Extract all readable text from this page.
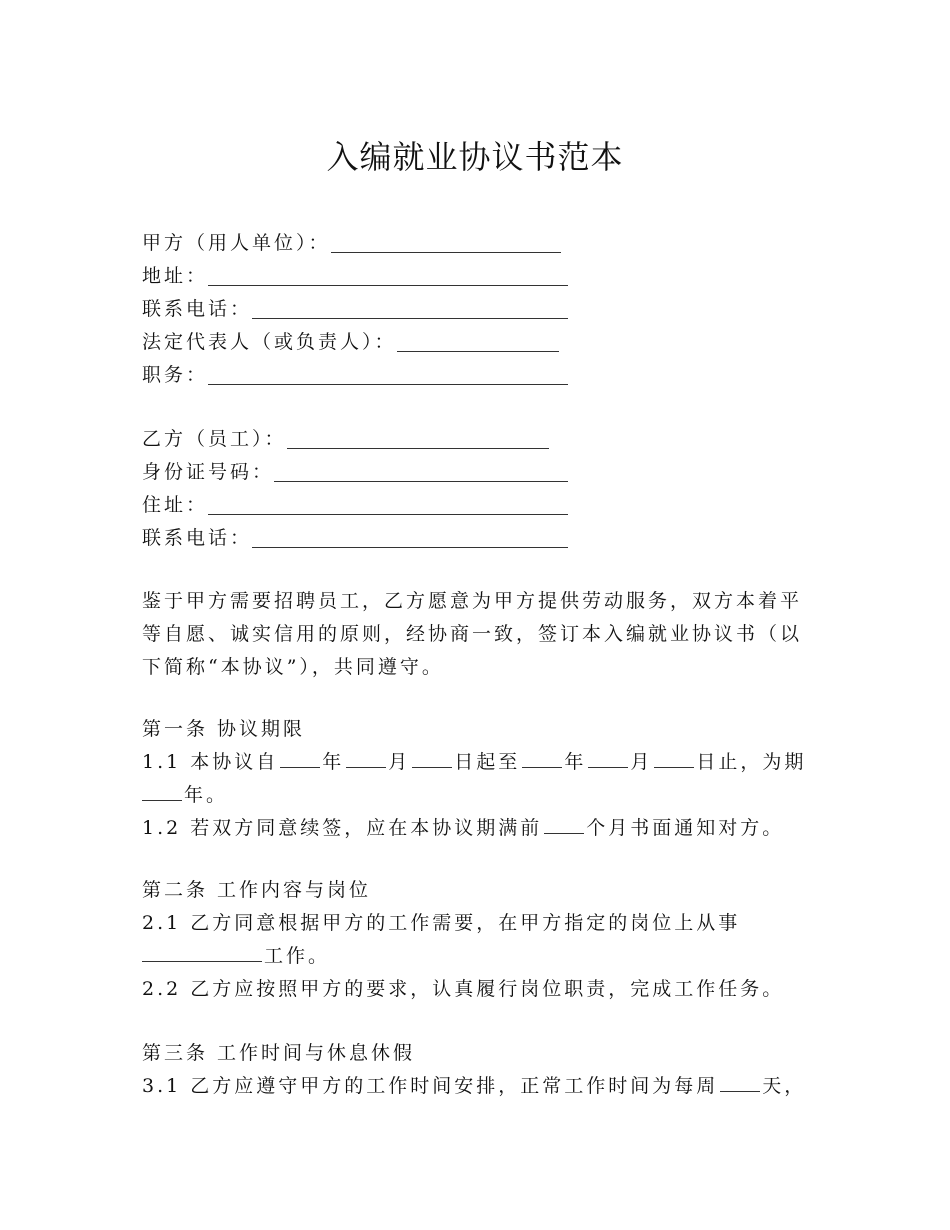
入编就业协议书范本
甲方（用人单位）：
地址：
联系电话：
法定代表人（或负责人）：
职务：
乙方（员工）：
身份证号码：
住址：
联系电话：
鉴于甲方需要招聘员工，乙方愿意为甲方提供劳动服务，双方本着平等自愿、诚实信用的原则，经协商一致，签订本入编就业协议书（以下简称“本协议”），共同遵守。
第一条 协议期限
1.1 本协议自 年 月 日起至 年 月 日止，为期
年。
1.2 若双方同意续签，应在本协议期满前 个月书面通知对方。
第二条 工作内容与岗位
2.1 乙方同意根据甲方的工作需要，在甲方指定的岗位上从事
工作。
2.2 乙方应按照甲方的要求，认真履行岗位职责，完成工作任务。
第三条 工作时间与休息休假
3.1 乙方应遵守甲方的工作时间安排，正常工作时间为每周 天，
